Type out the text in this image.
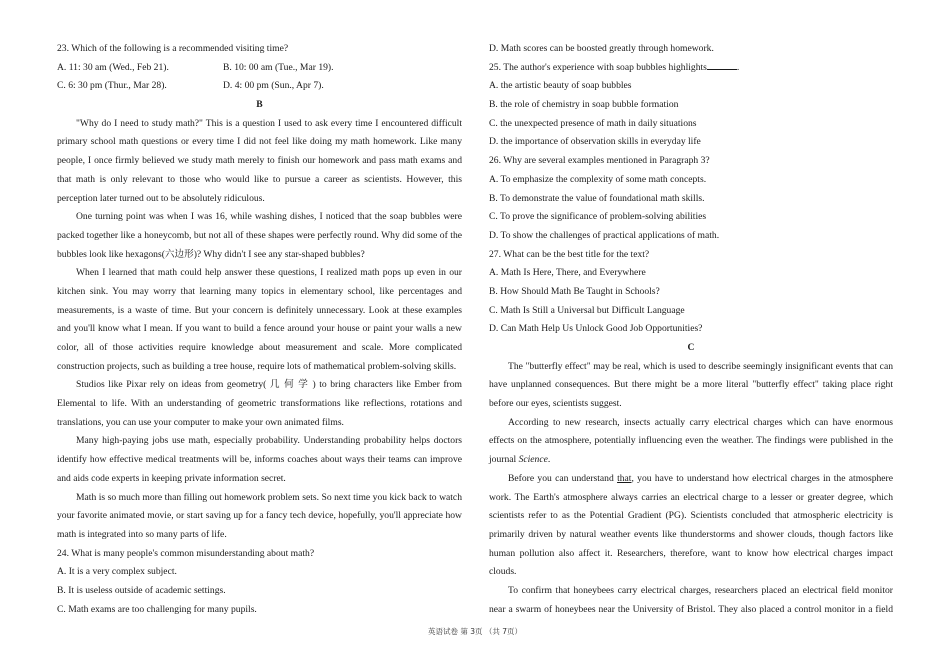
23. Which of the following is a recommended visiting time?
A. 11: 30 am (Wed., Feb 21).	B. 10: 00 am (Tue., Mar 19).
C. 6: 30 pm (Thur., Mar 28).	D. 4: 00 pm (Sun., Apr 7).
B
"Why do I need to study math?" This is a question I used to ask every time I encountered difficult
primary school math questions or every time I did not feel like doing my math homework. Like many
people, I once firmly believed we study math merely to finish our homework and pass math exams and
that math is only relevant to those who would like to pursue a career as scientists. However, this
perception later turned out to be absolutely ridiculous.
One turning point was when I was 16, while washing dishes, I noticed that the soap bubbles were
packed together like a honeycomb, but not all of these shapes were perfectly round. Why did some of the
bubbles look like hexagons(六边形)? Why didn't I see any star-shaped bubbles?
When I learned that math could help answer these questions, I realized math pops up even in our
kitchen sink. You may worry that learning many topics in elementary school, like percentages and
measurements, is a waste of time. But your concern is definitely unnecessary. Look at these examples
and you'll know what I mean. If you want to build a fence around your house or paint your walls a new
color, all of those activities require knowledge about measurement and scale. More complicated
construction projects, such as building a tree house, require lots of mathematical problem-solving skills.
Studios like Pixar rely on ideas from geometry( 几 何 学 ) to bring characters like Ember from
Elemental to life. With an understanding of geometric transformations like reflections, rotations and
translations, you can use your computer to make your own animated films.
Many high-paying jobs use math, especially probability. Understanding probability helps doctors
identify how effective medical treatments will be, informs coaches about ways their teams can improve
and aids code experts in keeping private information secret.
Math is so much more than filling out homework problem sets. So next time you kick back to watch
your favorite animated movie, or start saving up for a fancy tech device, hopefully, you'll appreciate how
math is integrated into so many parts of life.
24. What is many people's common misunderstanding about math?
A. It is a very complex subject.
B. It is useless outside of academic settings.
C. Math exams are too challenging for many pupils.
D. Math scores can be boosted greatly through homework.
25. The author's experience with soap bubbles highlights	.
A. the artistic beauty of soap bubbles
B. the role of chemistry in soap bubble formation
C. the unexpected presence of math in daily situations
D. the importance of observation skills in everyday life
26. Why are several examples mentioned in Paragraph 3?
A. To emphasize the complexity of some math concepts.
B. To demonstrate the value of foundational math skills.
C. To prove the significance of problem-solving abilities
D. To show the challenges of practical applications of math.
27. What can be the best title for the text?
A. Math Is Here, There, and Everywhere
B. How Should Math Be Taught in Schools?
C. Math Is Still a Universal but Difficult Language
D. Can Math Help Us Unlock Good Job Opportunities?
C
The "butterfly effect" may be real, which is used to describe seemingly insignificant events that can
have unplanned consequences. But there might be a more literal "butterfly effect" taking place right
before our eyes, scientists suggest.
According to new research, insects actually carry electrical charges which can have enormous
effects on the atmosphere, potentially influencing even the weather. The findings were published in the
journal Science.
Before you can understand that, you have to understand how electrical charges in the atmosphere
work. The Earth's atmosphere always carries an electrical charge to a lesser or greater degree, which
scientists refer to as the Potential Gradient (PG). Scientists concluded that atmospheric electricity is
primarily driven by natural weather events like thunderstorms and shower clouds, though factors like
human pollution also affect it. Researchers, therefore, want to know how electrical charges impact
clouds.
To confirm that honeybees carry electrical charges, researchers placed an electrical field monitor
near a swarm of honeybees near the University of Bristol. They also placed a control monitor in a field
英语试卷 第 3页 （共 7页）
